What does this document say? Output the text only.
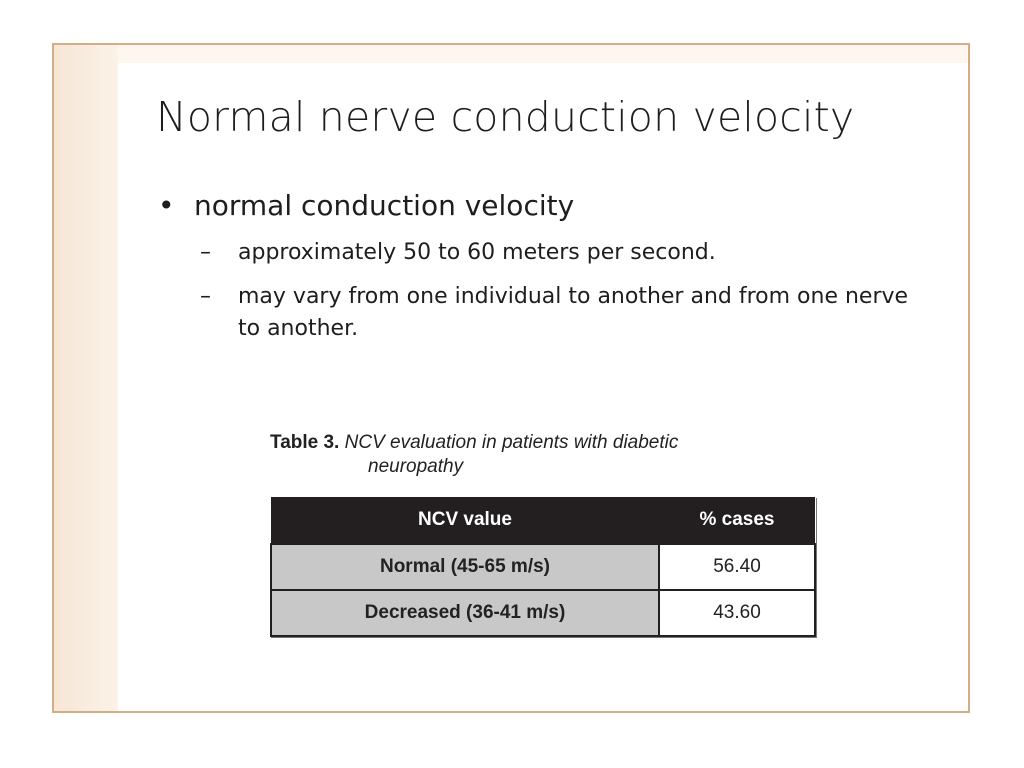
Normal nerve conduction velocity
• normal conduction velocity
–	approximately 50 to 60 meters per second.
–	may vary from one individual to another and from one nerve to another.
Table 3. NCV evaluation in patients with diabetic
neuropathy
NCV value	% cases
Normal (45-65 m/s)	56.40
Decreased (36-41 m/s)	43.60
